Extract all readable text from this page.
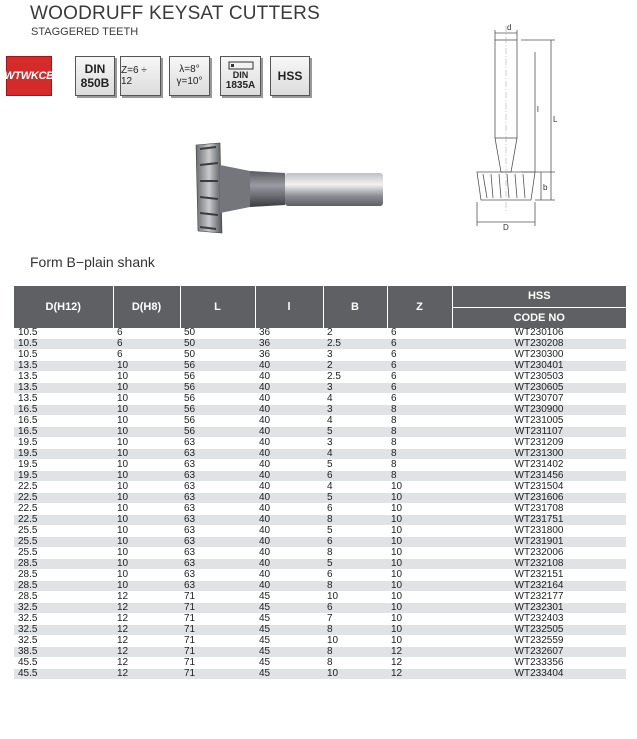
WOODRUFF KEYSAT CUTTERS
STAGGERED TEETH
WTWKCB	DIN
850B
Z=6 ÷ 12
λ=8°
γ=10°
DIN
1835A
HSS
d
l
L
b
D
Form B−plain shank
D(H12)	D(H8)	L	l	B	Z	HSS
						CODE NO
10.5	6	50	36	2	6	WT230106
10.5	6	50	36	2.5	6	WT230208
10.5	6	50	36	3	6	WT230300
13.5	10	56	40	2	6	WT230401
13.5	10	56	40	2.5	6	WT230503
13.5	10	56	40	3	6	WT230605
13.5	10	56	40	4	6	WT230707
16.5	10	56	40	3	8	WT230900
16.5	10	56	40	4	8	WT231005
16.5	10	56	40	5	8	WT231107
19.5	10	63	40	3	8	WT231209
19.5	10	63	40	4	8	WT231300
19.5	10	63	40	5	8	WT231402
19.5	10	63	40	6	8	WT231456
22.5	10	63	40	4	10	WT231504
22.5	10	63	40	5	10	WT231606
22.5	10	63	40	6	10	WT231708
22.5	10	63	40	8	10	WT231751
25.5	10	63	40	5	10	WT231800
25.5	10	63	40	6	10	WT231901
25.5	10	63	40	8	10	WT232006
28.5	10	63	40	5	10	WT232108
28.5	10	63	40	6	10	WT232151
28.5	10	63	40	8	10	WT232164
28.5	12	71	45	10	10	WT232177
32.5	12	71	45	6	10	WT232301
32.5	12	71	45	7	10	WT232403
32.5	12	71	45	8	10	WT232505
32.5	12	71	45	10	10	WT232559
38.5	12	71	45	8	12	WT232607
45.5	12	71	45	8	12	WT233356
45.5	12	71	45	10	12	WT233404
